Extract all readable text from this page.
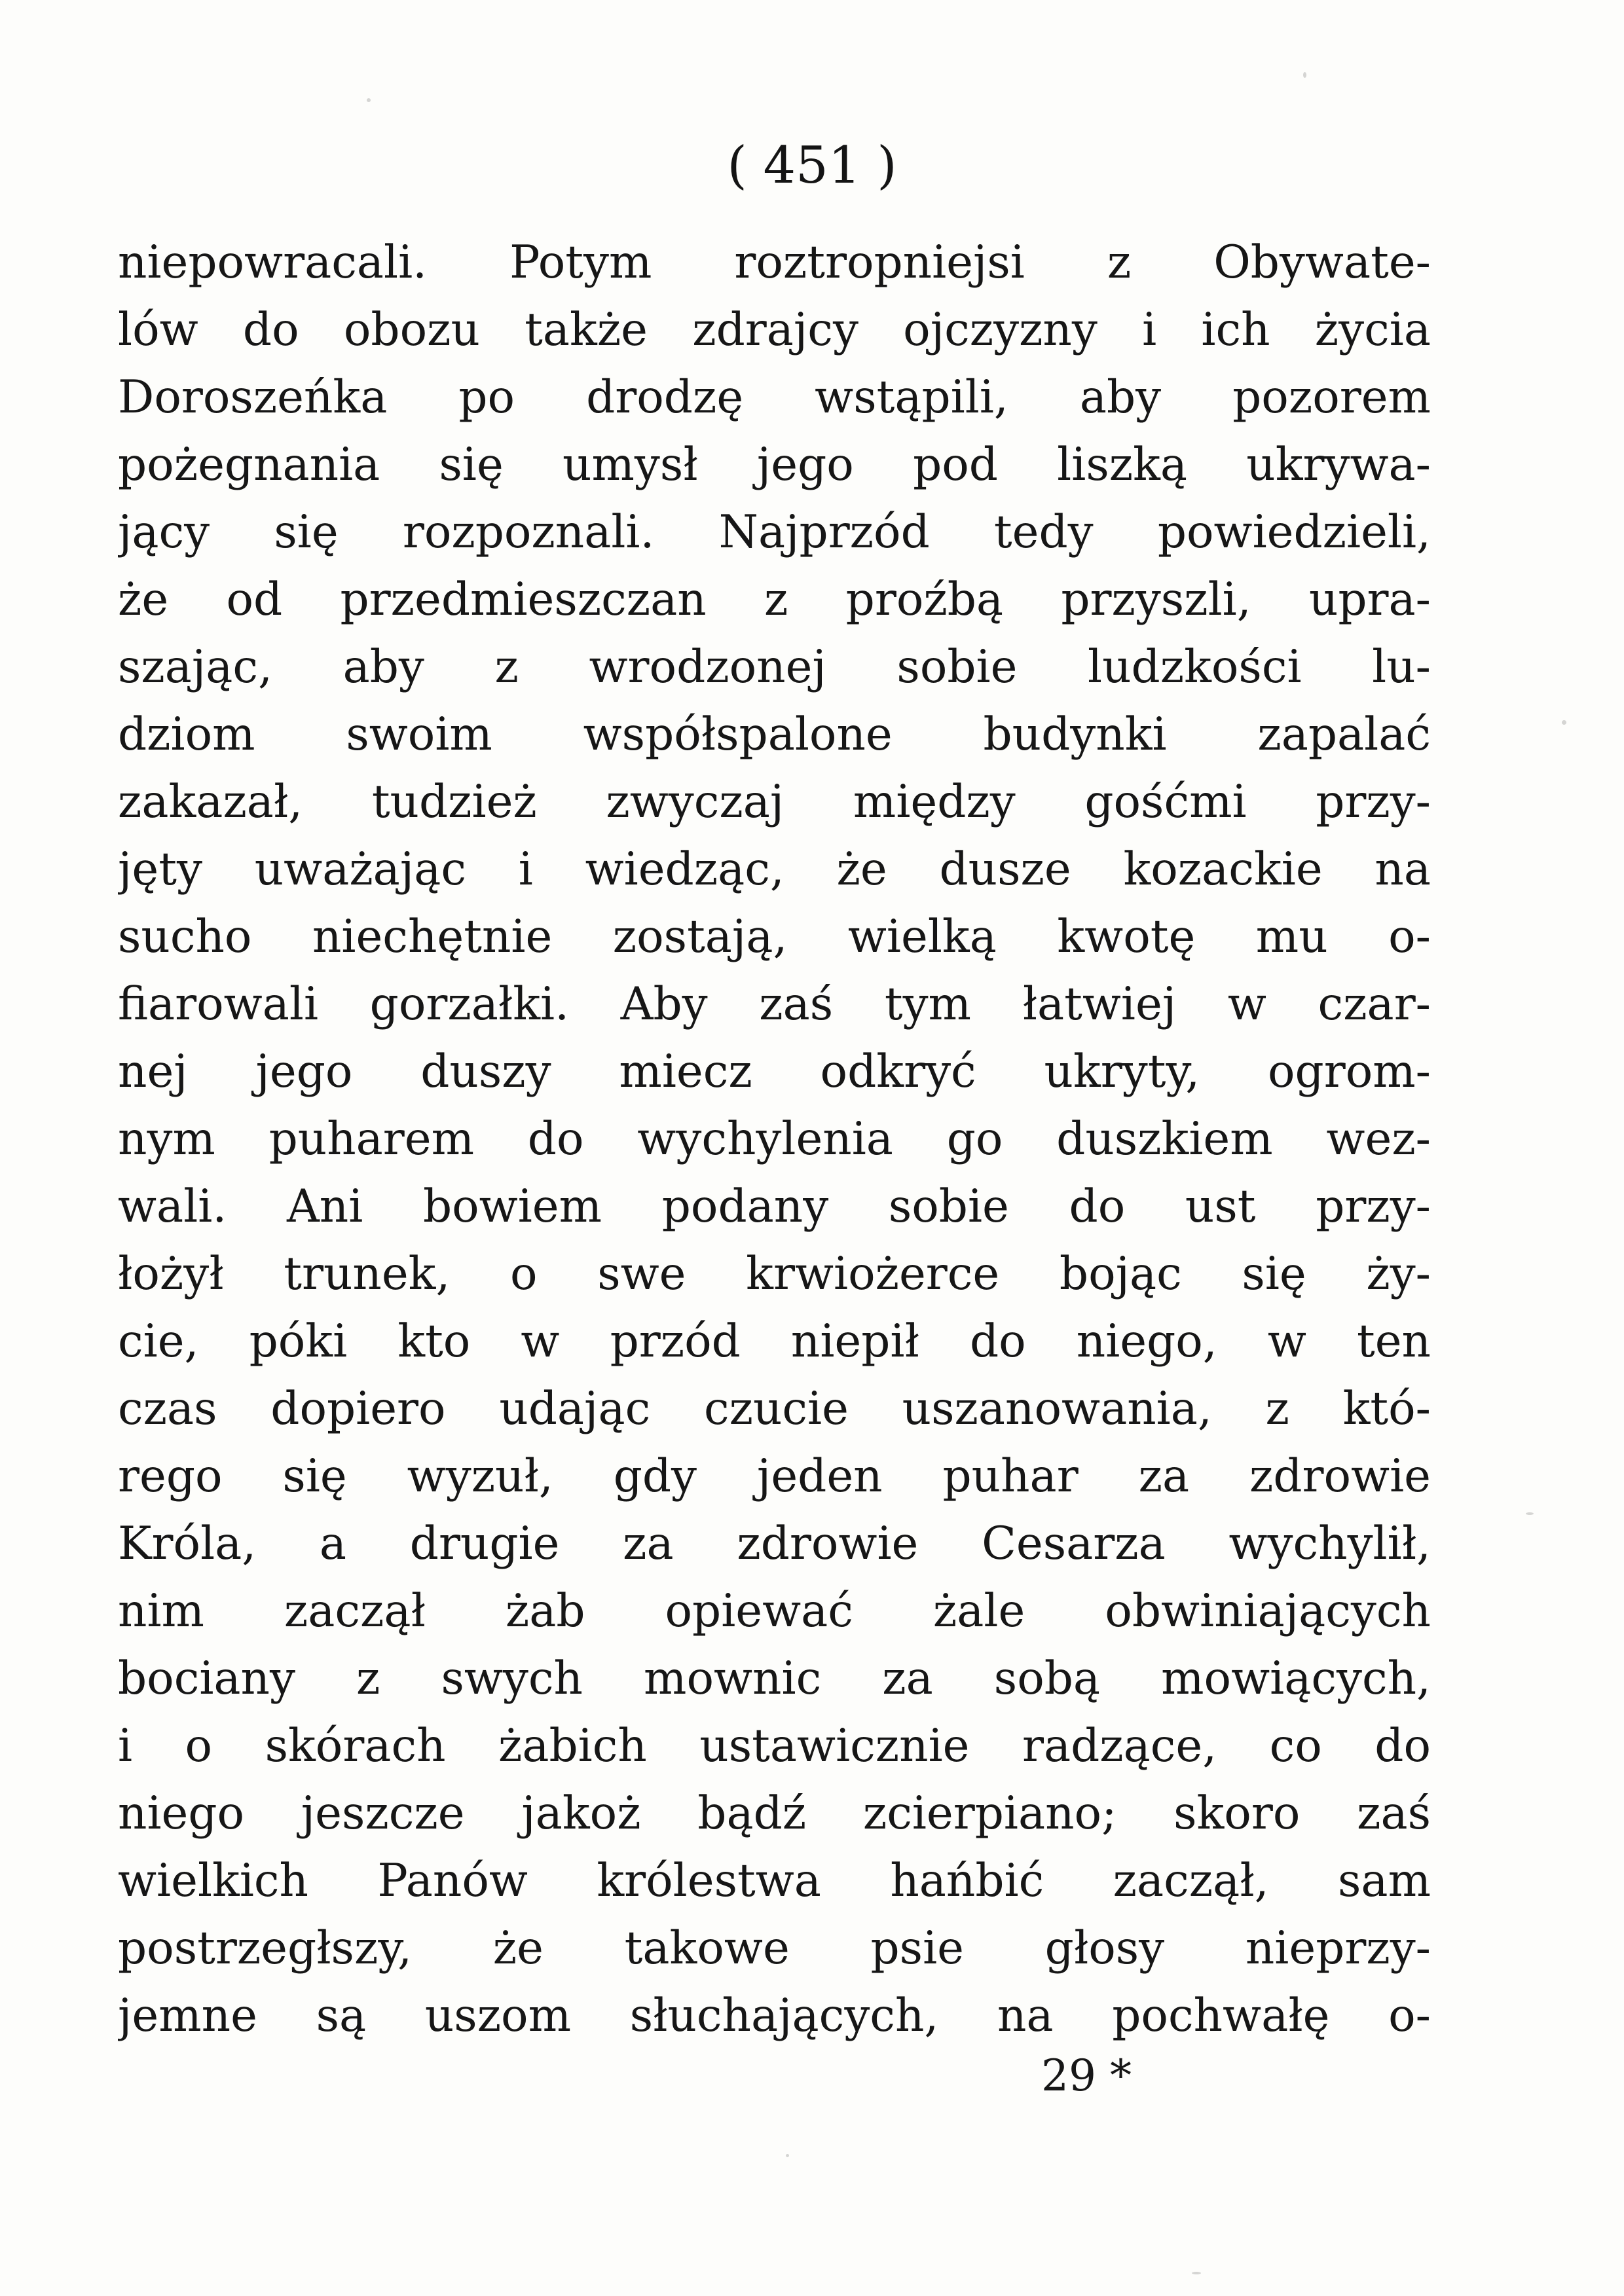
( 451 )
niepowracali. Potym roztropniejsi z Obywate-
lów do obozu także zdrajcy ojczyzny i ich życia
Doroszeńka po drodzę wstąpili, aby pozorem
pożegnania się umysł jego pod liszką ukrywa-
jący się rozpoznali. Najprzód tedy powiedzieli,
że od przedmieszczan z proźbą przyszli, upra-
szając, aby z wrodzonej sobie ludzkości lu-
dziom swoim współspalone budynki zapalać
zakazał, tudzież zwyczaj między gośćmi przy-
jęty uważając i wiedząc, że dusze kozackie na
sucho niechętnie zostają, wielką kwotę mu o-
fiarowali gorzałki. Aby zaś tym łatwiej w czar-
nej jego duszy miecz odkryć ukryty, ogrom-
nym puharem do wychylenia go duszkiem wez-
wali. Ani bowiem podany sobie do ust przy-
łożył trunek, o swe krwiożerce bojąc się ży-
cie, póki kto w przód niepił do niego, w ten
czas dopiero udając czucie uszanowania, z któ-
rego się wyzuł, gdy jeden puhar za zdrowie
Króla, a drugie za zdrowie Cesarza wychylił,
nim zaczął żab opiewać żale obwiniających
bociany z swych mownic za sobą mowiących,
i o skórach żabich ustawicznie radzące, co do
niego jeszcze jakoż bądź zcierpiano; skoro zaś
wielkich Panów królestwa hańbić zaczął, sam
postrzegłszy, że takowe psie głosy nieprzy-
jemne są uszom słuchających, na pochwałę o-
29 *
